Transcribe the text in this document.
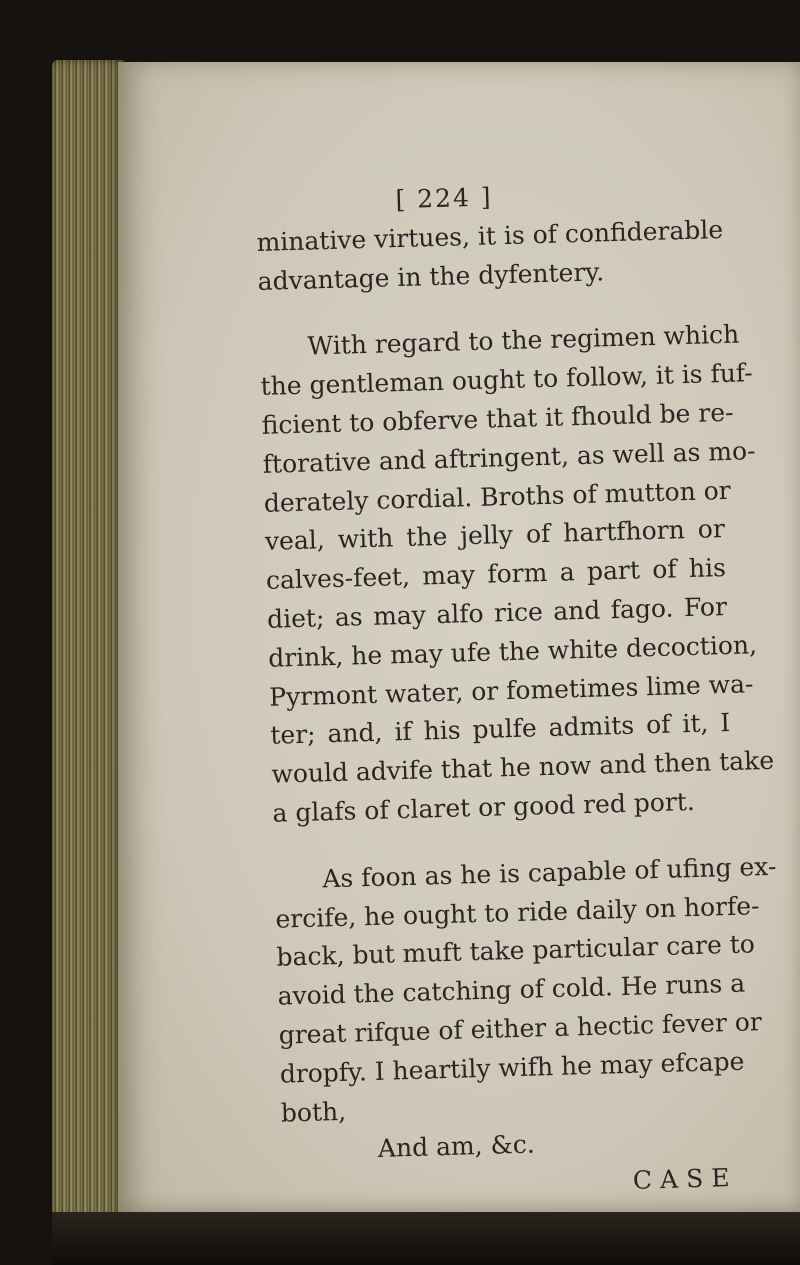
[ 224 ]
minative virtues, it is of confiderable
advantage in the dyfentery.
With regard to the regimen which
the gentleman ought to follow, it is fuf-
ficient to obferve that it fhould be re-
ftorative and aftringent, as well as mo-
derately cordial. Broths of mutton or
veal, with the jelly of hartfhorn or
calves-feet, may form a part of his
diet; as may alfo rice and fago. For
drink, he may ufe the white decoction,
Pyrmont water, or fometimes lime wa-
ter; and, if his pulfe admits of it, I
would advife that he now and then take
a glafs of claret or good red port.
As foon as he is capable of ufing ex-
ercife, he ought to ride daily on horfe-
back, but muft take particular care to
avoid the catching of cold. He runs a
great rifque of either a hectic fever or
dropfy. I heartily wifh he may efcape
both,
And am, &c.
CASE
